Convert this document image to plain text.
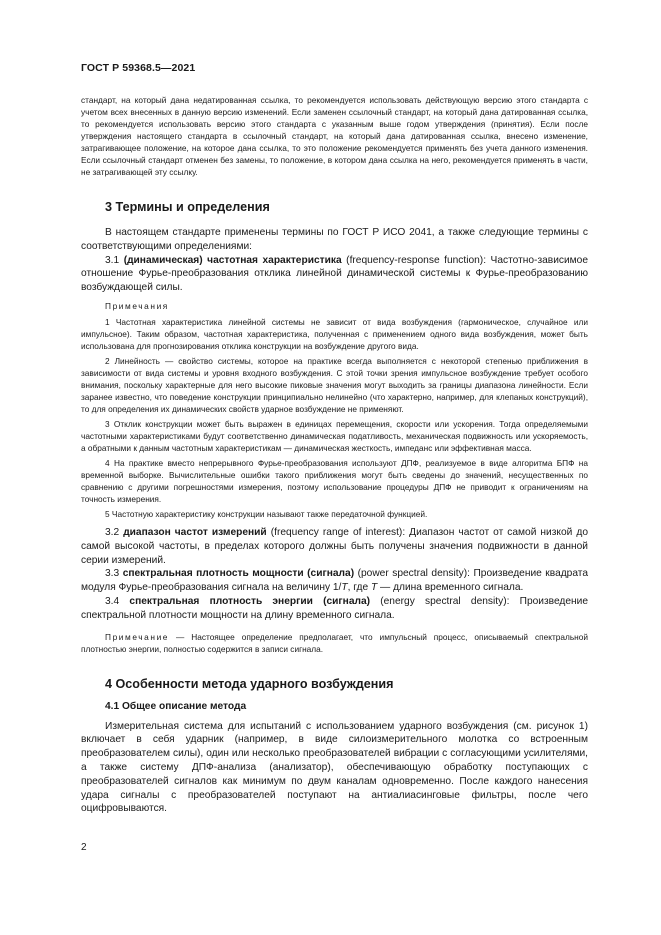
ГОСТ Р 59368.5—2021

стандарт, на который дана недатированная ссылка, то рекомендуется использовать действующую версию этого стандарта с учетом всех внесенных в данную версию изменений. Если заменен ссылочный стандарт, на который дана датированная ссылка, то рекомендуется использовать версию этого стандарта с указанным выше годом утверждения (принятия). Если после утверждения настоящего стандарта в ссылочный стандарт, на который дана датированная ссылка, внесено изменение, затрагивающее положение, на которое дана ссылка, то это положение рекомендуется применять без учета данного изменения. Если ссылочный стандарт отменен без замены, то положение, в котором дана ссылка на него, рекомендуется применять в части, не затрагивающей эту ссылку.

3 Термины и определения

В настоящем стандарте применены термины по ГОСТ Р ИСО 2041, а также следующие термины с соответствующими определениями:

3.1 (динамическая) частотная характеристика (frequency-response function): Частотно-зависимое отношение Фурье-преобразования отклика линейной динамической системы к Фурье-преобразованию возбуждающей силы.

Примечания

1 Частотная характеристика линейной системы не зависит от вида возбуждения (гармоническое, случайное или импульсное). Таким образом, частотная характеристика, полученная с применением одного вида возбуждения, может быть использована для прогнозирования отклика конструкции на возбуждение другого вида.

2 Линейность — свойство системы, которое на практике всегда выполняется с некоторой степенью приближения в зависимости от вида системы и уровня входного возбуждения. С этой точки зрения импульсное возбуждение требует особого внимания, поскольку характерные для него высокие пиковые значения могут выходить за границы диапазона линейности. Если заранее известно, что поведение конструкции принципиально нелинейно (что характерно, например, для клепаных конструкций), то для определения их динамических свойств ударное возбуждение не применяют.

3 Отклик конструкции может быть выражен в единицах перемещения, скорости или ускорения. Тогда определяемыми частотными характеристиками будут соответственно динамическая податливость, механическая подвижность или ускоряемость, а обратными к данным частотным характеристикам — динамическая жесткость, импеданс или эффективная масса.

4 На практике вместо непрерывного Фурье-преобразования используют ДПФ, реализуемое в виде алгоритма БПФ на временной выборке. Вычислительные ошибки такого приближения могут быть сведены до значений, несущественных по сравнению с другими погрешностями измерения, поэтому использование процедуры ДПФ не приводит к ограничениям на точность измерения.

5 Частотную характеристику конструкции называют также передаточной функцией.

3.2 диапазон частот измерений (frequency range of interest): Диапазон частот от самой низкой до самой высокой частоты, в пределах которого должны быть получены значения подвижности в данной серии измерений.

3.3 спектральная плотность мощности (сигнала) (power spectral density): Произведение квадрата модуля Фурье-преобразования сигнала на величину 1/T, где T — длина временного сигнала.

3.4 спектральная плотность энергии (сигнала) (energy spectral density): Произведение спектральной плотности мощности на длину временного сигнала.

Примечание — Настоящее определение предполагает, что импульсный процесс, описываемый спектральной плотностью энергии, полностью содержится в записи сигнала.

4 Особенности метода ударного возбуждения

4.1 Общее описание метода

Измерительная система для испытаний с использованием ударного возбуждения (см. рисунок 1) включает в себя ударник (например, в виде силоизмерительного молотка со встроенным преобразователем силы), один или несколько преобразователей вибрации с согласующими усилителями, а также систему ДПФ-анализа (анализатор), обеспечивающую обработку поступающих с преобразователей сигналов как минимум по двум каналам одновременно. После каждого нанесения удара сигналы с преобразователей поступают на антиалиасинговые фильтры, после чего оцифровываются.

2
